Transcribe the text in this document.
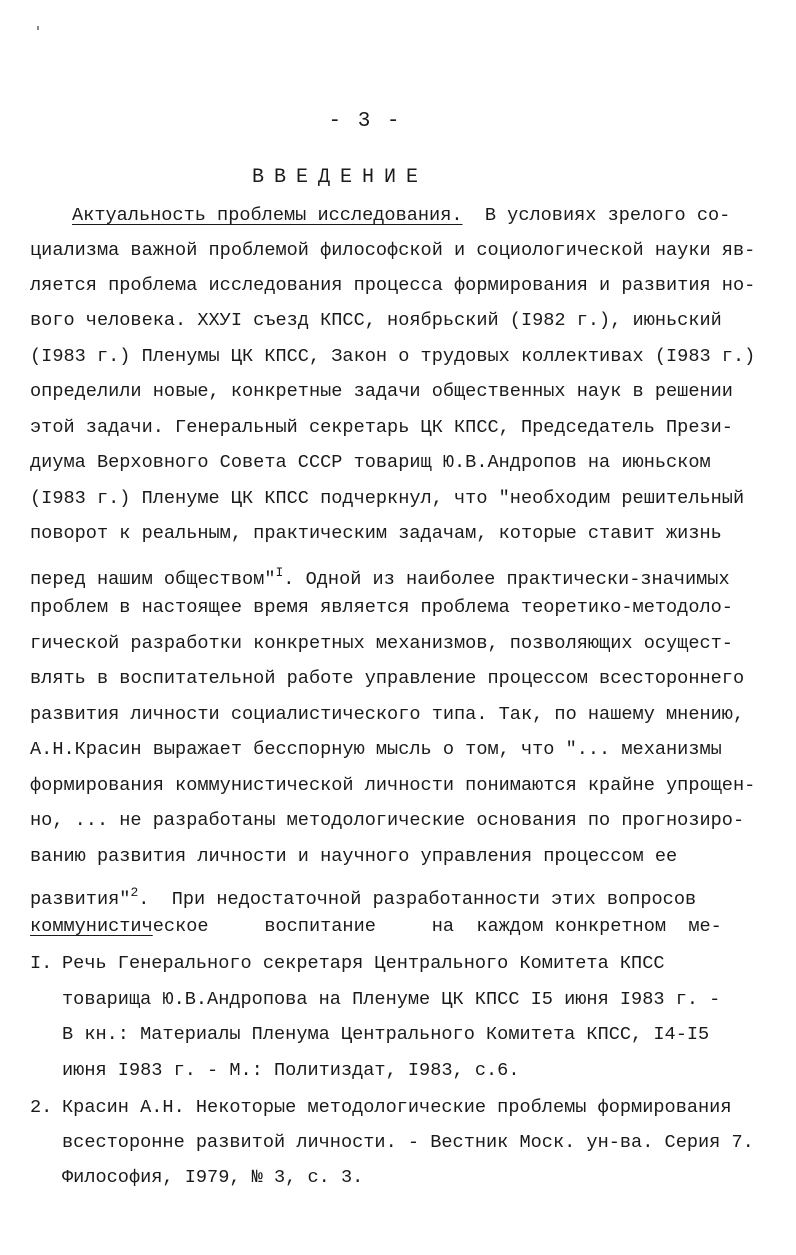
- 3 -
ВВЕДЕНИЕ
Актуальность проблемы исследования.  В условиях зрелого со-
циализма важной проблемой философской и социологической науки яв-
ляется проблема исследования процесса формирования и развития но-
вого человека. XXУI съезд КПСС, ноябрьский (I982 г.), июньский
(I983 г.) Пленумы ЦК КПСС, Закон о трудовых коллективах (I983 г.)
определили новые, конкретные задачи общественных наук в решении
этой задачи. Генеральный секретарь ЦК КПСС, Председатель Прези-
диума Верховного Совета СССР товарищ Ю.В.Андропов на июньском
(I983 г.) Пленуме ЦК КПСС подчеркнул, что "необходим решительный
поворот к реальным, практическим задачам, которые ставит жизнь
перед нашим обществом"$^I$. Одной из наиболее практически-значимых
проблем в настоящее время является проблема теоретико-методоло-
гической разработки конкретных механизмов, позволяющих осущест-
влять в воспитательной работе управление процессом всестороннего
развития личности социалистического типа. Так, по нашему мнению,
А.Н.Красин выражает бесспорную мысль о том, что "... механизмы
формирования коммунистической личности понимаются крайне упрощен-
но, ... не разработаны методологические основания по прогнозиро-
ванию развития личности и научного управления процессом ее
развития"$^2$.  При недостаточной разработанности этих вопросов
коммунистическое     воспитание     на  каждом конкретном  ме-
I. Речь Генерального секретаря Центрального Комитета КПСС
товарища Ю.В.Андропова на Пленуме ЦК КПСС I5 июня I983 г. -
В кн.: Материалы Пленума Центрального Комитета КПСС, I4-I5
июня I983 г. - М.: Политиздат, I983, с.6.
2. Красин А.Н. Некоторые методологические проблемы формирования
всесторонне развитой личности. - Вестник Моск. ун-ва. Серия 7.
Философия, I979, № 3, с. 3.
